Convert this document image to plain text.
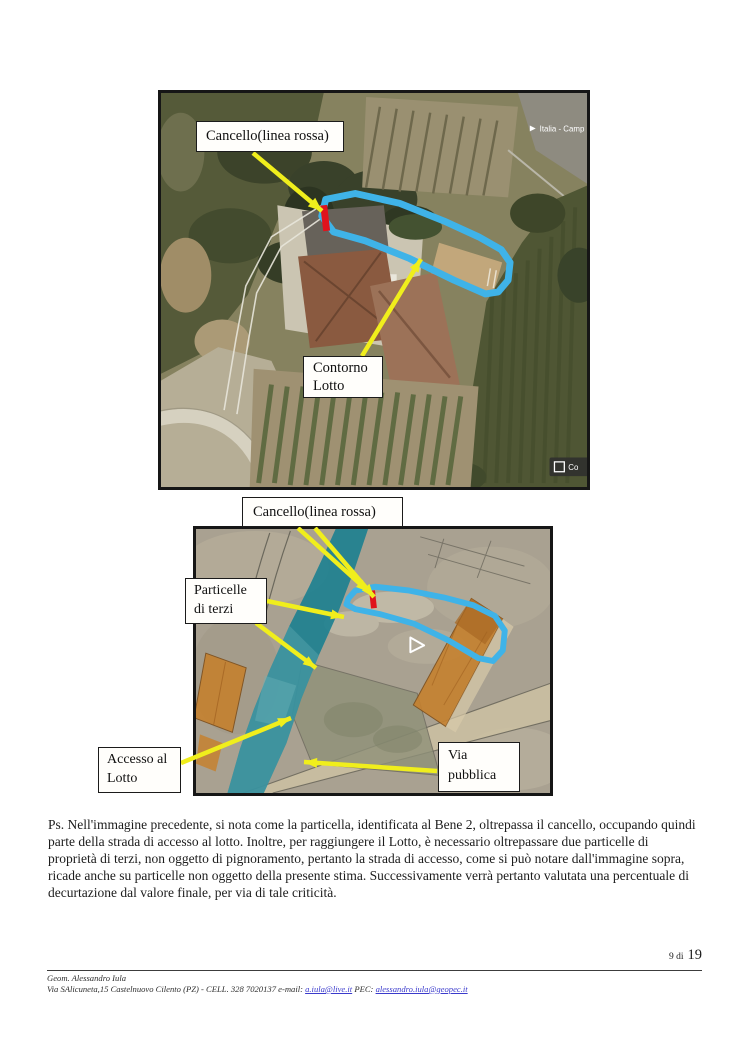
Italia - Camp
Co
Cancello(linea rossa)
Contorno
Lotto
Cancello(linea rossa)
Particelle
di terzi
Accesso al
Lotto
Via
pubblica
Ps. Nell'immagine precedente, si nota come la particella, identificata al Bene 2, oltrepassa il cancello, occupando quindi parte della strada di accesso al lotto. Inoltre, per raggiungere il Lotto, è necessario oltrepassare due particelle di proprietà di terzi, non oggetto di pignoramento, pertanto la strada di accesso, come si può notare dall'immagine sopra, ricade anche su particelle non oggetto della presente stima. Successivamente verrà pertanto valutata una percentuale di decurtazione dal valore finale, per via di tale criticità.
9 di 19
Geom. Alessandro Iula
Via SAlicuneta,15 Castelnuovo Cilento (PZ) - CELL. 328 7020137 e-mail: a.iula@live.it PEC: alessandro.iula@geopec.it
